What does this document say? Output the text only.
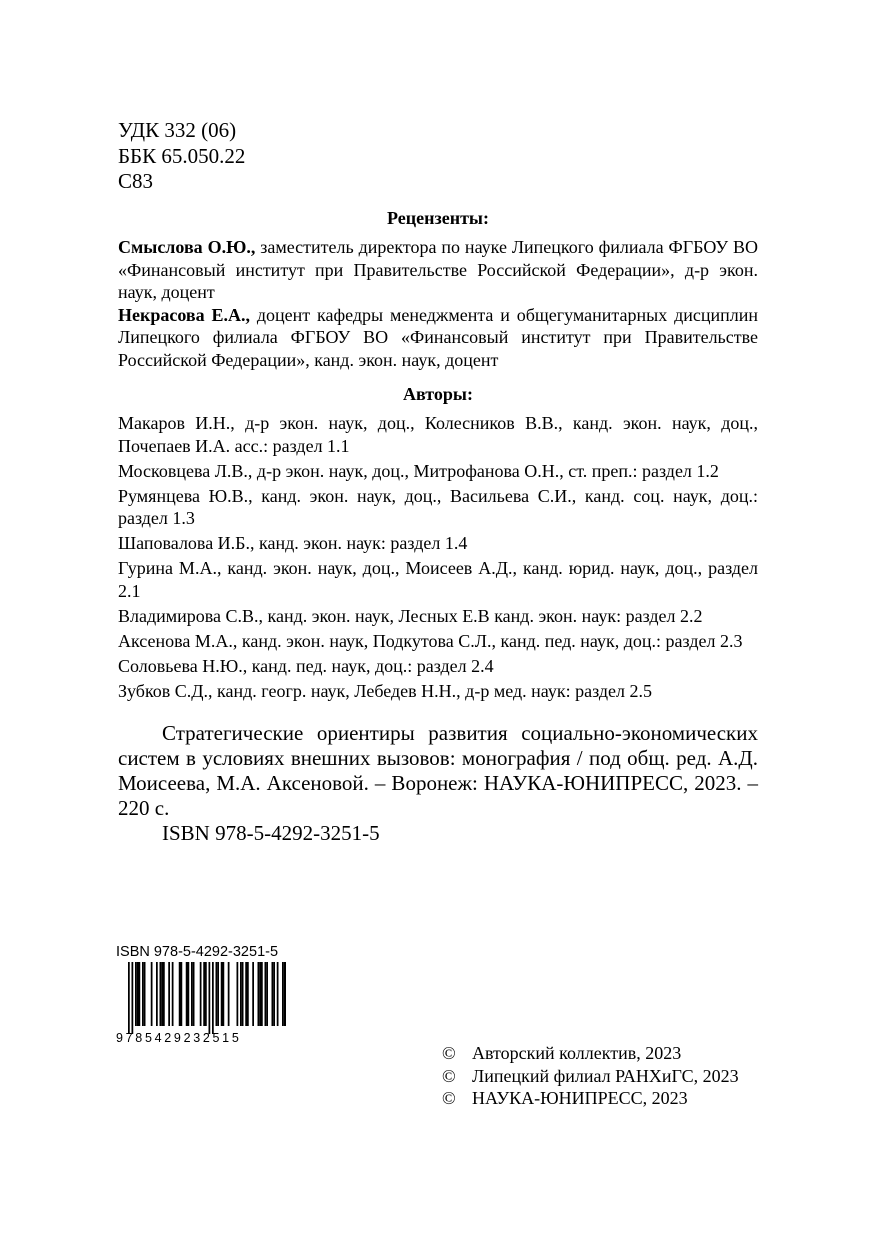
УДК 332 (06)
ББК 65.050.22
С83
Рецензенты:

Смыслова О.Ю., заместитель директора по науке Липецкого филиала ФГБОУ ВО «Финансовый институт при Правительстве Российской Федерации», д-р экон. наук, доцент

Некрасова Е.А., доцент кафедры менеджмента и общегуманитарных дисциплин Липецкого филиала ФГБОУ ВО «Финансовый институт при Правительстве Российской Федерации», канд. экон. наук, доцент

Авторы:

Макаров И.Н., д-р экон. наук, доц., Колесников В.В., канд. экон. наук, доц., Почепаев И.А. асс.: раздел 1.1

Московцева Л.В., д-р экон. наук, доц., Митрофанова О.Н., ст. преп.: раздел 1.2

Румянцева Ю.В., канд. экон. наук, доц., Васильева С.И., канд. соц. наук, доц.: раздел 1.3

Шаповалова И.Б., канд. экон. наук: раздел 1.4

Гурина М.А., канд. экон. наук, доц., Моисеев А.Д., канд. юрид. наук, доц., раздел 2.1

Владимирова С.В., канд. экон. наук, Лесных Е.В канд. экон. наук: раздел 2.2

Аксенова М.А., канд. экон. наук, Подкутова С.Л., канд. пед. наук, доц.: раздел 2.3

Соловьева Н.Ю., канд. пед. наук, доц.: раздел 2.4

Зубков С.Д., канд. геогр. наук, Лебедев Н.Н., д-р мед. наук: раздел 2.5

Стратегические ориентиры развития социально-экономических систем в условиях внешних вызовов: монография / под общ. ред. А.Д. Моисеева, М.А. Аксеновой. – Воронеж: НАУКА-ЮНИПРЕСС, 2023. – 220 с.

ISBN 978-5-4292-3251-5

ISBN 978-5-4292-3251-5
9785429232515
© Авторский коллектив, 2023
© Липецкий филиал РАНХиГС, 2023
© НАУКА-ЮНИПРЕСС, 2023
